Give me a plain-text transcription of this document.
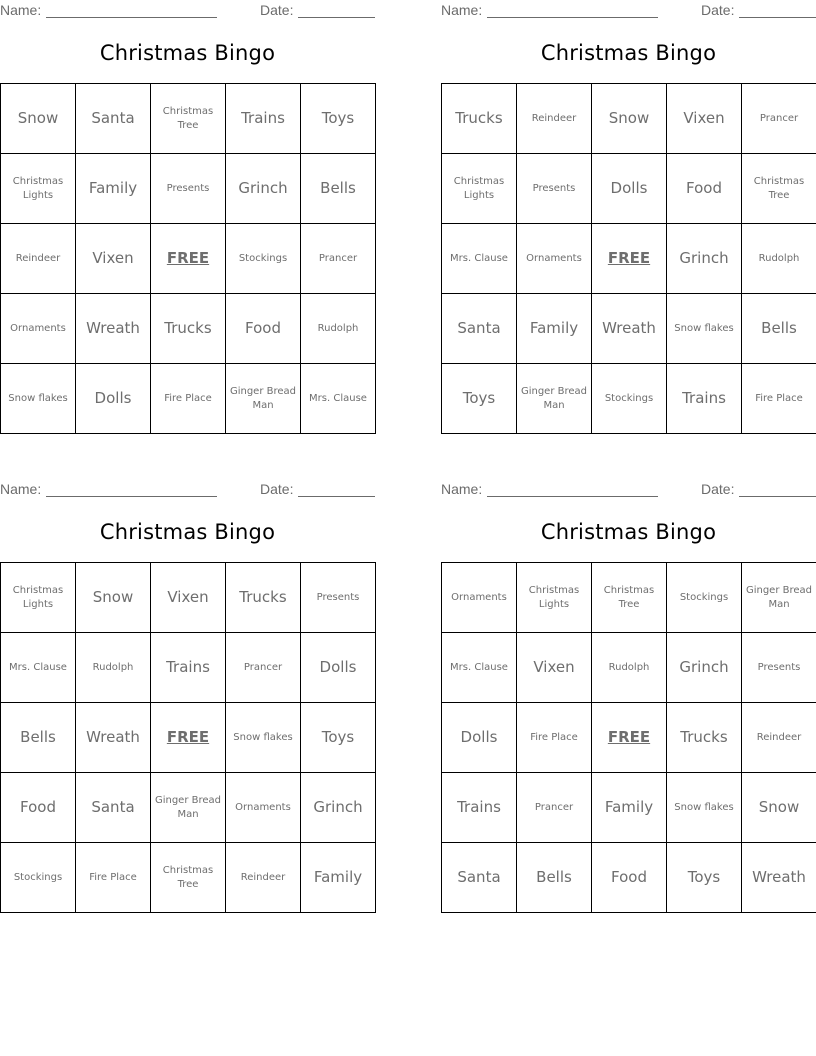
Name:	Date:
Christmas Bingo
Snow	Santa	Christmas Tree	Trains	Toys
Christmas Lights	Family	Presents	Grinch	Bells
Reindeer	Vixen	FREE	Stockings	Prancer
Ornaments	Wreath	Trucks	Food	Rudolph
Snow flakes	Dolls	Fire Place	Ginger Bread Man	Mrs. Clause
Name:	Date:
Christmas Bingo
Trucks	Reindeer	Snow	Vixen	Prancer
Christmas Lights	Presents	Dolls	Food	Christmas Tree
Mrs. Clause	Ornaments	FREE	Grinch	Rudolph
Santa	Family	Wreath	Snow flakes	Bells
Toys	Ginger Bread Man	Stockings	Trains	Fire Place
Name:	Date:
Christmas Bingo
Christmas Lights	Snow	Vixen	Trucks	Presents
Mrs. Clause	Rudolph	Trains	Prancer	Dolls
Bells	Wreath	FREE	Snow flakes	Toys
Food	Santa	Ginger Bread Man	Ornaments	Grinch
Stockings	Fire Place	Christmas Tree	Reindeer	Family
Name:	Date:
Christmas Bingo
Ornaments	Christmas Lights	Christmas Tree	Stockings	Ginger Bread Man
Mrs. Clause	Vixen	Rudolph	Grinch	Presents
Dolls	Fire Place	FREE	Trucks	Reindeer
Trains	Prancer	Family	Snow flakes	Snow
Santa	Bells	Food	Toys	Wreath
